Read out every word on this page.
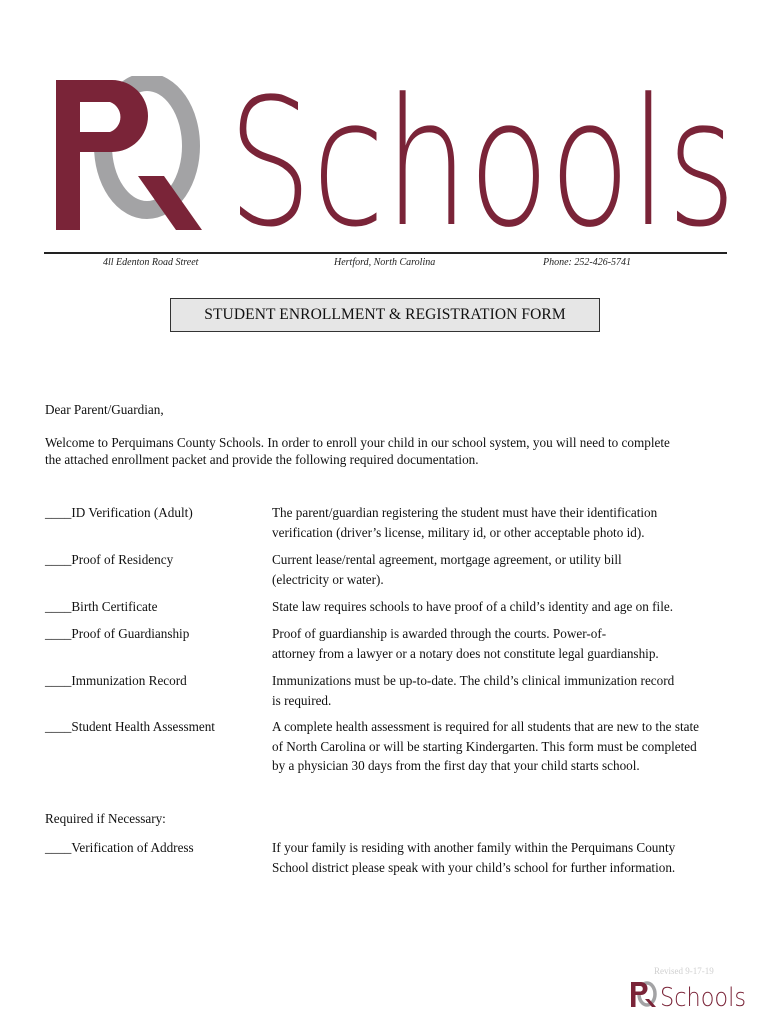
Schools
4ll Edenton Road Street	Hertford, North Carolina	Phone: 252-426-5741
STUDENT ENROLLMENT & REGISTRATION FORM
Dear Parent/Guardian,
Welcome to Perquimans County Schools. In order to enroll your child in our school system, you will need to complete
the attached enrollment packet and provide the following required documentation.
____ID Verification (Adult)	The parent/guardian registering the student must have their identification
verification (driver’s license, military id, or other acceptable photo id).
____Proof of Residency	Current lease/rental agreement, mortgage agreement, or utility bill
(electricity or water).
____Birth Certificate	State law requires schools to have proof of a child’s identity and age on file.
____Proof of Guardianship	Proof of guardianship is awarded through the courts. Power-of-
attorney from a lawyer or a notary does not constitute legal guardianship.
____Immunization Record	Immunizations must be up-to-date. The child’s clinical immunization record
is required.
____Student Health Assessment	A complete health assessment is required for all students that are new to the state
of North Carolina or will be starting Kindergarten. This form must be completed
by a physician 30 days from the first day that your child starts school.
Required if Necessary:
____Verification of Address	If your family is residing with another family within the Perquimans County
School district please speak with your child’s school for further information.
Revised 9-17-19
Schools
